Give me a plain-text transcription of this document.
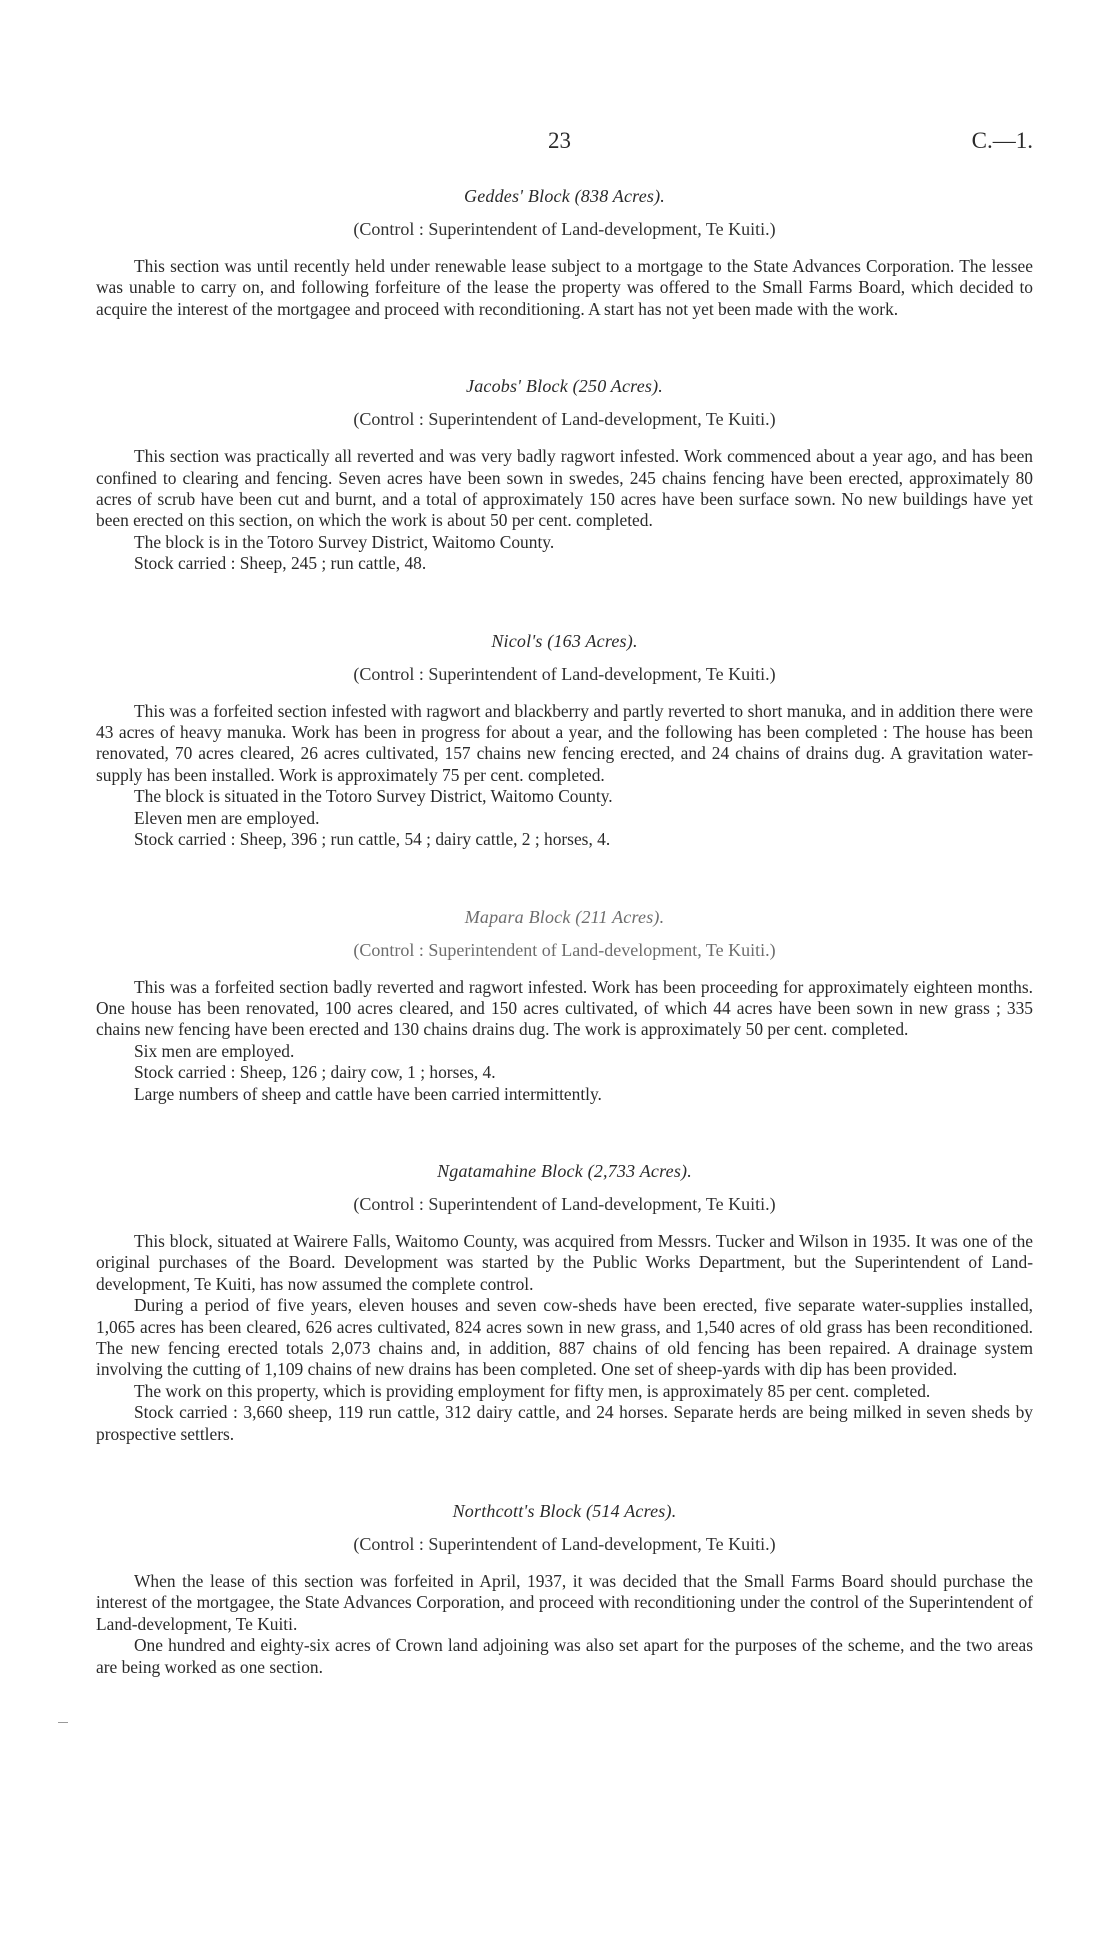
23	C.—1.
Geddes' Block (838 Acres).
(Control : Superintendent of Land-development, Te Kuiti.)

This section was until recently held under renewable lease subject to a mortgage to the State Advances Corporation. The lessee was unable to carry on, and following forfeiture of the lease the property was offered to the Small Farms Board, which decided to acquire the interest of the mortgagee and proceed with reconditioning. A start has not yet been made with the work.

Jacobs' Block (250 Acres).
(Control : Superintendent of Land-development, Te Kuiti.)

This section was practically all reverted and was very badly ragwort infested. Work commenced about a year ago, and has been confined to clearing and fencing. Seven acres have been sown in swedes, 245 chains fencing have been erected, approximately 80 acres of scrub have been cut and burnt, and a total of approximately 150 acres have been surface sown. No new buildings have yet been erected on this section, on which the work is about 50 per cent. completed.

The block is in the Totoro Survey District, Waitomo County.

Stock carried : Sheep, 245 ; run cattle, 48.

Nicol's (163 Acres).
(Control : Superintendent of Land-development, Te Kuiti.)

This was a forfeited section infested with ragwort and blackberry and partly reverted to short manuka, and in addition there were 43 acres of heavy manuka. Work has been in progress for about a year, and the following has been completed : The house has been renovated, 70 acres cleared, 26 acres cultivated, 157 chains new fencing erected, and 24 chains of drains dug. A gravitation water-supply has been installed. Work is approximately 75 per cent. completed.

The block is situated in the Totoro Survey District, Waitomo County.

Eleven men are employed.

Stock carried : Sheep, 396 ; run cattle, 54 ; dairy cattle, 2 ; horses, 4.

Mapara Block (211 Acres).
(Control : Superintendent of Land-development, Te Kuiti.)

This was a forfeited section badly reverted and ragwort infested. Work has been proceeding for approximately eighteen months. One house has been renovated, 100 acres cleared, and 150 acres cultivated, of which 44 acres have been sown in new grass ; 335 chains new fencing have been erected and 130 chains drains dug. The work is approximately 50 per cent. completed.

Six men are employed.

Stock carried : Sheep, 126 ; dairy cow, 1 ; horses, 4.

Large numbers of sheep and cattle have been carried intermittently.

Ngatamahine Block (2,733 Acres).
(Control : Superintendent of Land-development, Te Kuiti.)

This block, situated at Wairere Falls, Waitomo County, was acquired from Messrs. Tucker and Wilson in 1935. It was one of the original purchases of the Board. Development was started by the Public Works Department, but the Superintendent of Land-development, Te Kuiti, has now assumed the complete control.

During a period of five years, eleven houses and seven cow-sheds have been erected, five separate water-supplies installed, 1,065 acres has been cleared, 626 acres cultivated, 824 acres sown in new grass, and 1,540 acres of old grass has been reconditioned. The new fencing erected totals 2,073 chains and, in addition, 887 chains of old fencing has been repaired. A drainage system involving the cutting of 1,109 chains of new drains has been completed. One set of sheep-yards with dip has been provided.

The work on this property, which is providing employment for fifty men, is approximately 85 per cent. completed.

Stock carried : 3,660 sheep, 119 run cattle, 312 dairy cattle, and 24 horses. Separate herds are being milked in seven sheds by prospective settlers.

Northcott's Block (514 Acres).
(Control : Superintendent of Land-development, Te Kuiti.)

When the lease of this section was forfeited in April, 1937, it was decided that the Small Farms Board should purchase the interest of the mortgagee, the State Advances Corporation, and proceed with reconditioning under the control of the Superintendent of Land-development, Te Kuiti.

One hundred and eighty-six acres of Crown land adjoining was also set apart for the purposes of the scheme, and the two areas are being worked as one section.
